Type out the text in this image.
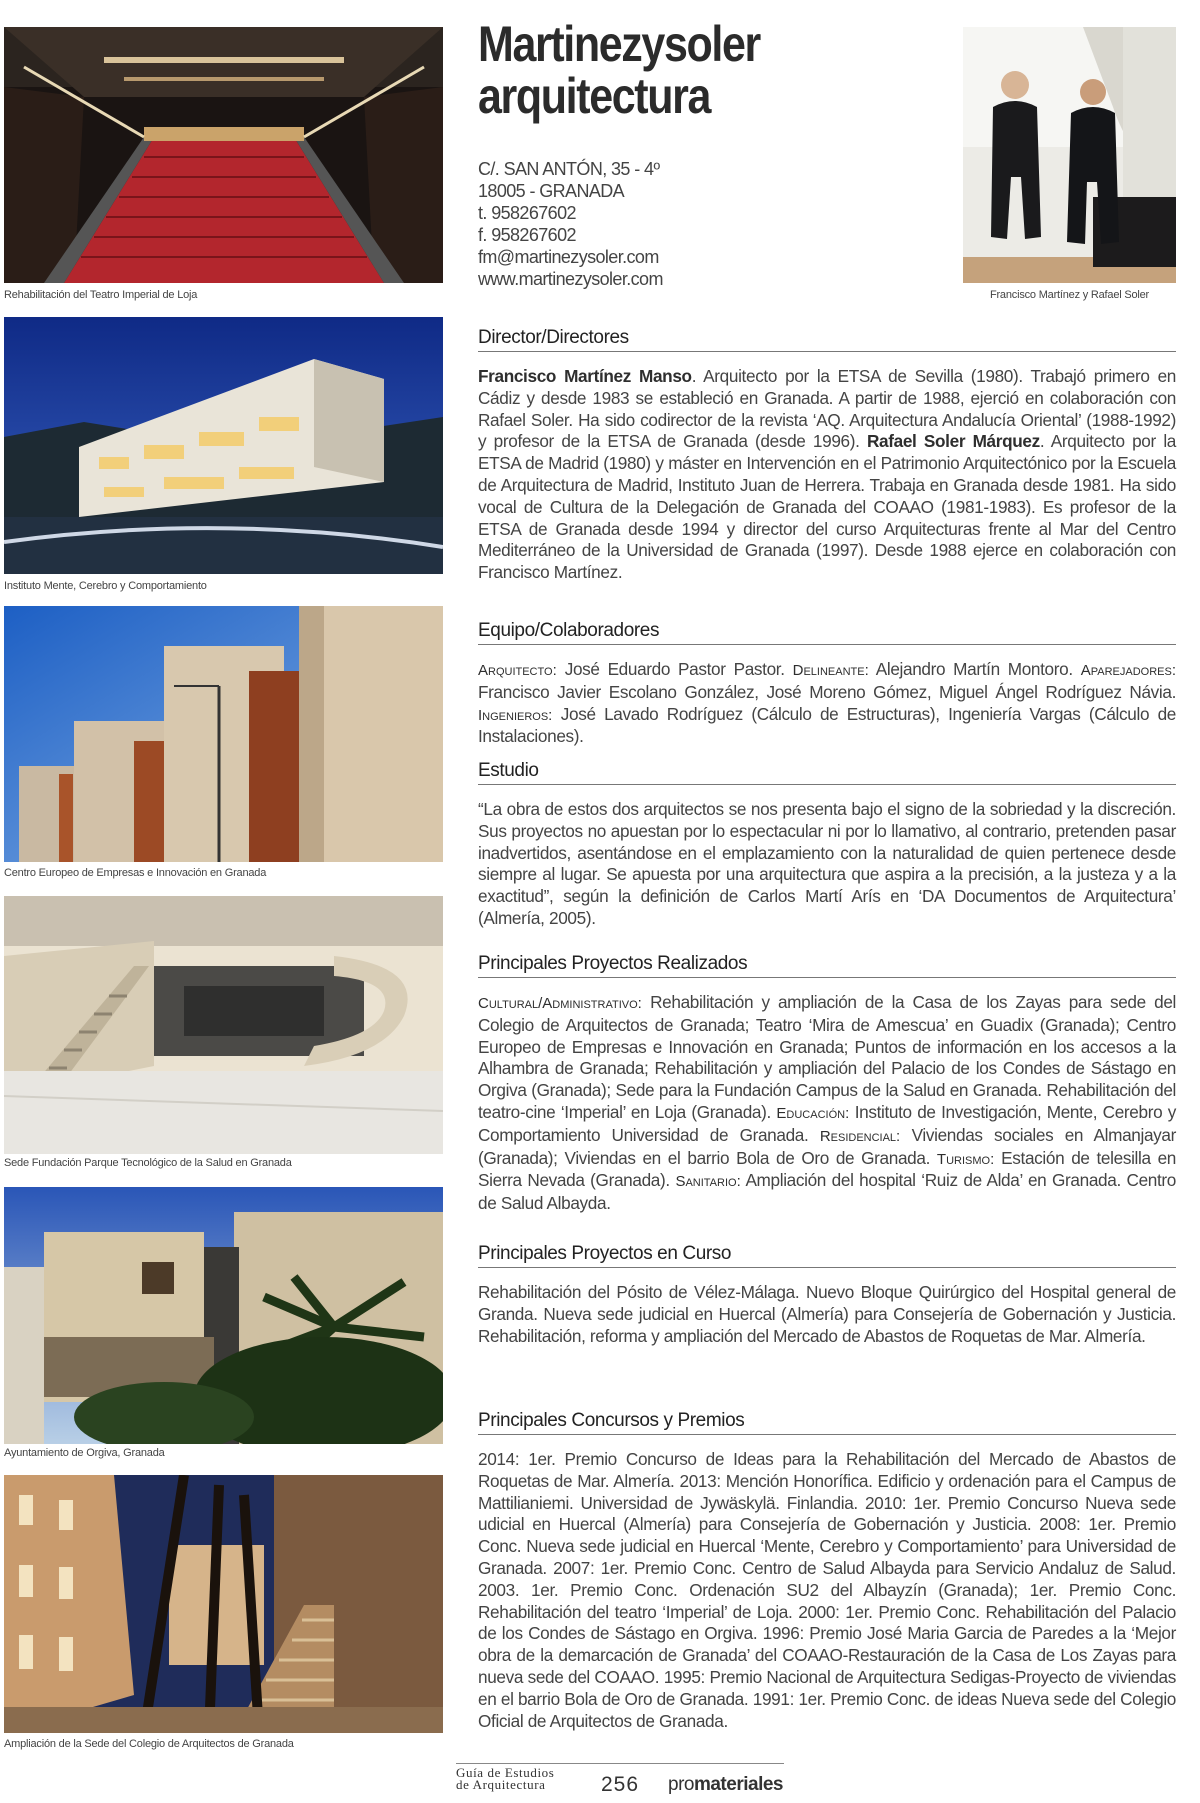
Rehabilitación del Teatro Imperial de Loja
Instituto Mente, Cerebro y Comportamiento
Centro Europeo de Empresas e Innovación en Granada
Sede Fundación Parque Tecnológico de la Salud en Granada
Ayuntamiento de Orgiva, Granada
Ampliación de la Sede del Colegio de Arquitectos de Granada
Francisco Martínez y Rafael Soler
Martinezysoler
arquitectura
C/. SAN ANTÓN, 35 - 4º
18005 - GRANADA
t. 958267602
f. 958267602
fm@martinezysoler.com
www.martinezysoler.com
Director/Directores

Francisco Martínez Manso. Arquitecto por la ETSA de Sevilla (1980). Trabajó primero en Cádiz y desde 1983 se estableció en Granada. A partir de 1988, ejerció en colaboración con Rafael Soler. Ha sido codirector de la revista ‘AQ. Arquitectura Andalucía Oriental’ (1988-1992) y profesor de la ETSA de Granada (desde 1996). Rafael Soler Márquez. Arquitecto por la ETSA de Madrid (1980) y máster en Intervención en el Patrimonio Arquitectónico por la Escuela de Arquitectura de Madrid, Instituto Juan de Herrera. Trabaja en Granada desde 1981. Ha sido vocal de Cultura de la Delegación de Granada del COAAO (1981-1983). Es profesor de la ETSA de Granada desde 1994 y director del curso Arquitecturas frente al Mar del Centro Mediterráneo de la Universidad de Granada (1997). Desde 1988 ejerce en colaboración con Francisco Martínez.

Equipo/Colaboradores

Arquitecto: José Eduardo Pastor Pastor. Delineante: Alejandro Martín Montoro. Aparejadores: Francisco Javier Escolano González, José Moreno Gómez, Miguel Ángel Rodríguez Návia. Ingenieros: José Lavado Rodríguez (Cálculo de Estructuras), Ingeniería Vargas (Cálculo de Instalaciones).

Estudio

“La obra de estos dos arquitectos se nos presenta bajo el signo de la sobriedad y la discreción. Sus proyectos no apuestan por lo espectacular ni por lo llamativo, al contrario, pretenden pasar inadvertidos, asentándose en el emplazamiento con la naturalidad de quien pertenece desde siempre al lugar. Se apuesta por una arquitectura que aspira a la precisión, a la justeza y a la exactitud”, según la definición de Carlos Martí Arís en ‘DA Documentos de Arquitectura’ (Almería, 2005).

Principales Proyectos Realizados

Cultural/Administrativo: Rehabilitación y ampliación de la Casa de los Zayas para sede del Colegio de Arquitectos de Granada; Teatro ‘Mira de Amescua’ en Guadix (Granada); Centro Europeo de Empresas e Innovación en Granada; Puntos de información en los accesos a la Alhambra de Granada; Rehabilitación y ampliación del Palacio de los Condes de Sástago en Orgiva (Granada); Sede para la Fundación Campus de la Salud en Granada. Rehabilitación del teatro-cine ‘Imperial’ en Loja (Granada). Educación: Instituto de Investigación, Mente, Cerebro y Comportamiento Universidad de Granada. Residencial: Viviendas sociales en Almanjayar (Granada); Viviendas en el barrio Bola de Oro de Granada. Turismo: Estación de telesilla en Sierra Nevada (Granada). Sanitario: Ampliación del hospital ‘Ruiz de Alda’ en Granada. Centro de Salud Albayda.

Principales Proyectos en Curso

Rehabilitación del Pósito de Vélez-Málaga. Nuevo Bloque Quirúrgico del Hospital general de Granda. Nueva sede judicial en Huercal (Almería) para Consejería de Gobernación y Justicia. Rehabilitación, reforma y ampliación del Mercado de Abastos de Roquetas de Mar. Almería.

Principales Concursos y Premios

2014: 1er. Premio Concurso de Ideas para la Rehabilitación del Mercado de Abastos de Roquetas de Mar. Almería. 2013: Mención Honorífica. Edificio y ordenación para el Campus de Mattilianiemi. Universidad de Jywäskylä. Finlandia. 2010: 1er. Premio Concurso Nueva sede udicial en Huercal (Almería) para Consejería de Gobernación y Justicia. 2008: 1er. Premio Conc. Nueva sede judicial en Huercal ‘Mente, Cerebro y Comportamiento’ para Universidad de Granada. 2007: 1er. Premio Conc. Centro de Salud Albayda para Servicio Andaluz de Salud. 2003. 1er. Premio Conc. Ordenación SU2 del Albayzín (Granada); 1er. Premio Conc. Rehabilitación del teatro ‘Imperial’ de Loja. 2000: 1er. Premio Conc. Rehabilitación del Palacio de los Condes de Sástago en Orgiva. 1996: Premio José Maria Garcia de Paredes a la ‘Mejor obra de la demarcación de Granada’ del COAAO-Restauración de la Casa de Los Zayas para nueva sede del COAAO. 1995: Premio Nacional de Arquitectura Sedigas-Proyecto de viviendas en el barrio Bola de Oro de Granada. 1991: 1er. Premio Conc. de ideas Nueva sede del Colegio Oficial de Arquitectos de Granada.

Guía de Estudios
de Arquitectura	256 promateriales
